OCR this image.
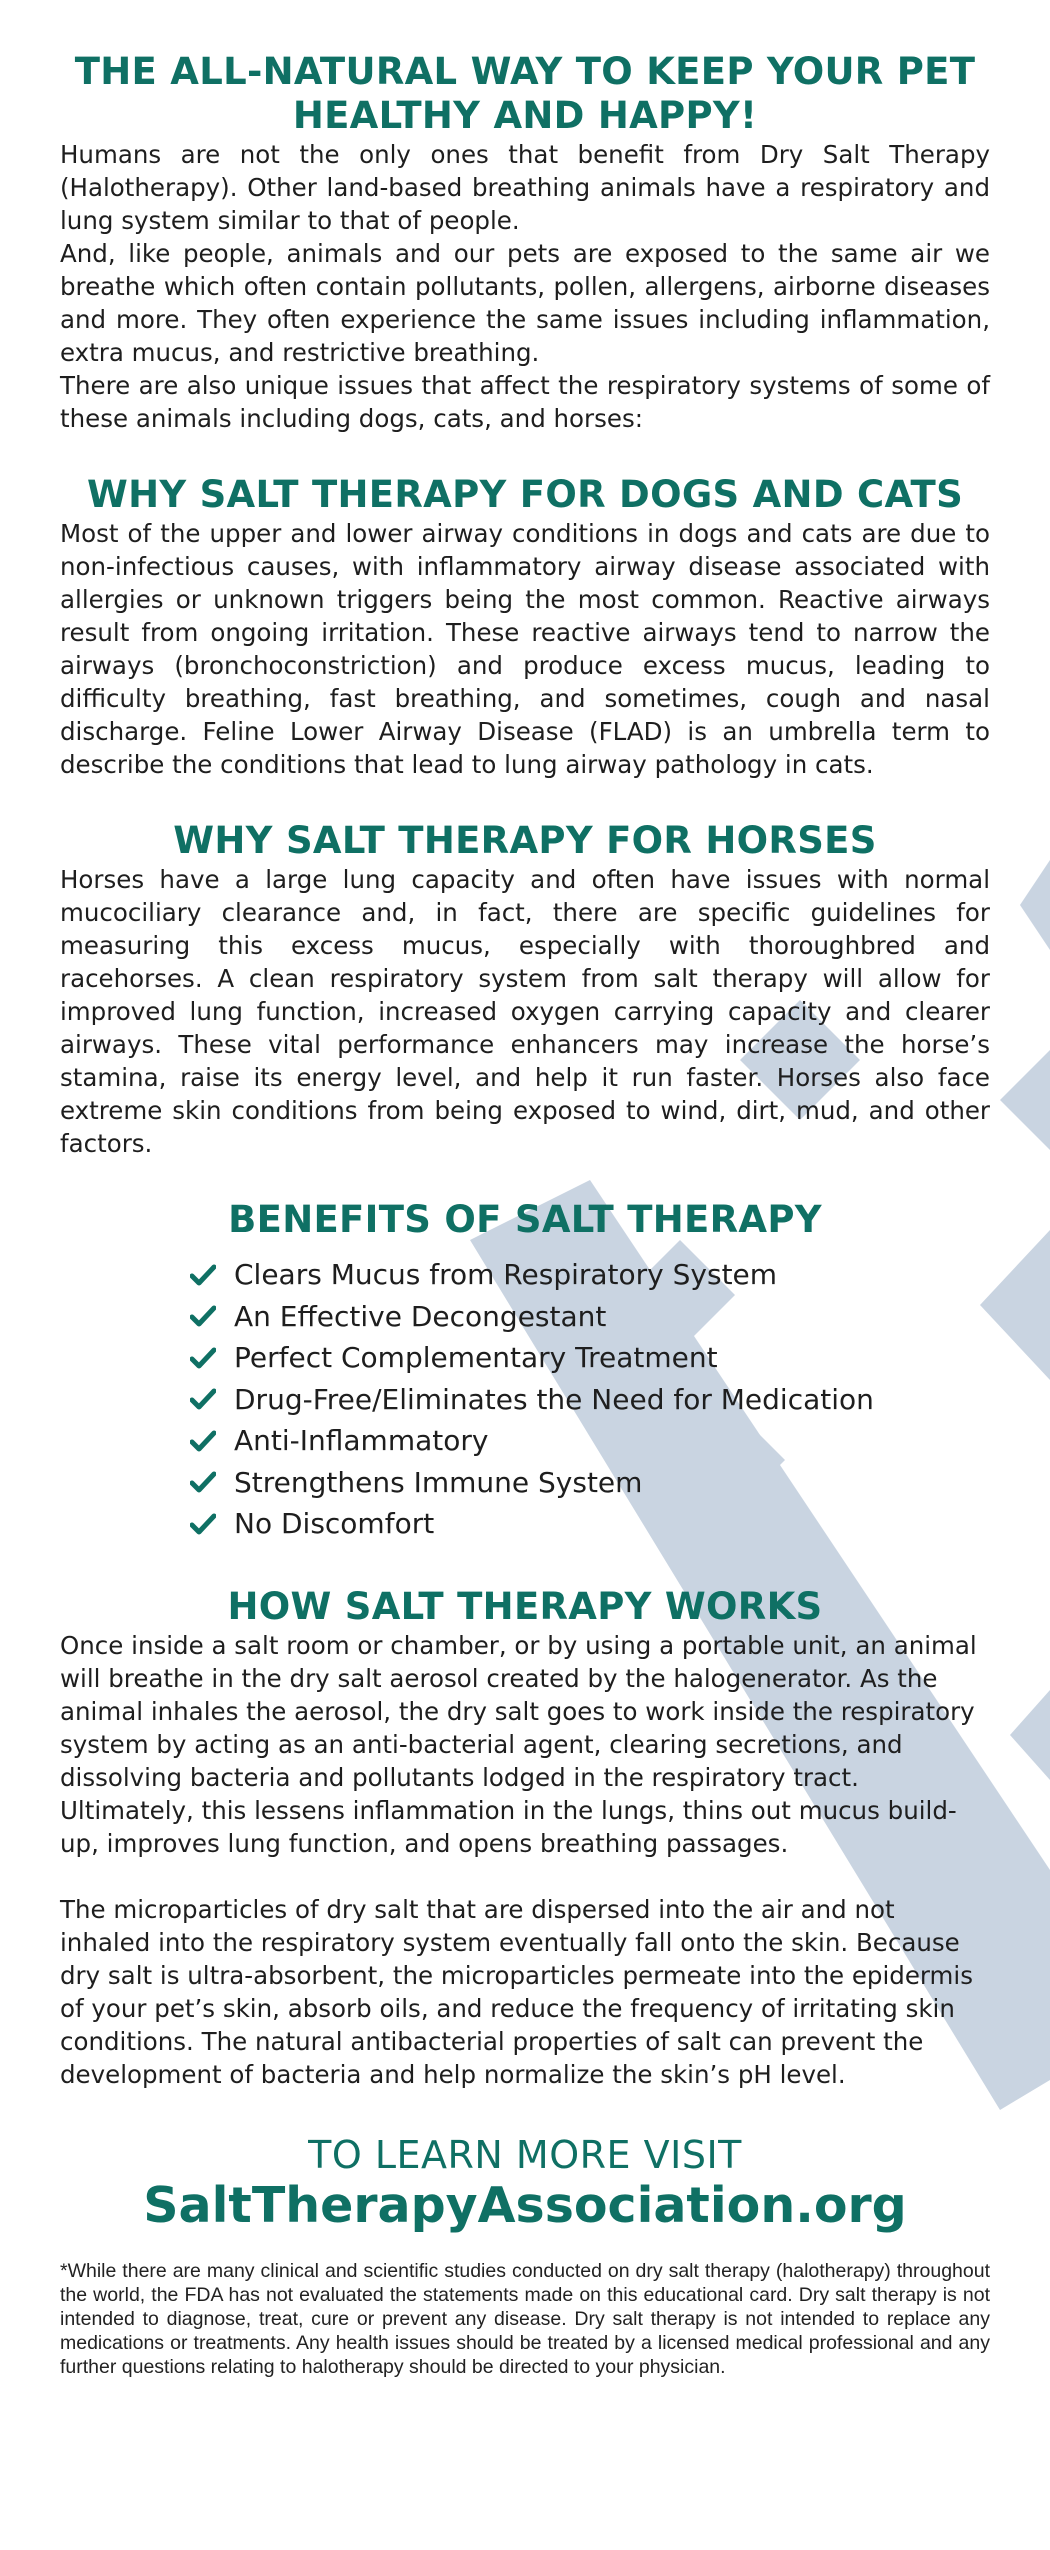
THE ALL-NATURAL WAY TO KEEP YOUR PET HEALTHY AND HAPPY!

Humans are not the only ones that benefit from Dry Salt Therapy (Halotherapy). Other land-based breathing animals have a respiratory and lung system similar to that of people.

And, like people, animals and our pets are exposed to the same air we breathe which often contain pollutants, pollen, allergens, airborne diseases and more. They often experience the same issues including inflammation, extra mucus, and restrictive breathing.

There are also unique issues that affect the respiratory systems of some of these animals including dogs, cats, and horses:

WHY SALT THERAPY FOR DOGS AND CATS

Most of the upper and lower airway conditions in dogs and cats are due to non-infectious causes, with inflammatory airway disease associated with allergies or unknown triggers being the most common. Reactive airways result from ongoing irritation. These reactive airways tend to narrow the airways (bronchoconstriction) and produce excess mucus, leading to difficulty breathing, fast breathing, and sometimes, cough and nasal discharge. Feline Lower Airway Disease (FLAD) is an umbrella term to describe the conditions that lead to lung airway pathology in cats.

WHY SALT THERAPY FOR HORSES

Horses have a large lung capacity and often have issues with normal mucociliary clearance and, in fact, there are specific guidelines for measuring this excess mucus, especially with thoroughbred and racehorses. A clean respiratory system from salt therapy will allow for improved lung function, increased oxygen carrying capacity and clearer airways. These vital performance enhancers may increase the horse’s stamina, raise its energy level, and help it run faster. Horses also face extreme skin conditions from being exposed to wind, dirt, mud, and other factors.

BENEFITS OF SALT THERAPY
Clears Mucus from Respiratory System
An Effective Decongestant
Perfect Complementary Treatment
Drug-Free/Eliminates the Need for Medication
Anti-Inflammatory
Strengthens Immune System
No Discomfort
HOW SALT THERAPY WORKS

Once inside a salt room or chamber, or by using a portable unit, an animal will breathe in the dry salt aerosol created by the halogenerator. As the animal inhales the aerosol, the dry salt goes to work inside the respiratory system by acting as an anti-bacterial agent, clearing secretions, and dissolving bacteria and pollutants lodged in the respiratory tract. Ultimately, this lessens inflammation in the lungs, thins out mucus build-up, improves lung function, and opens breathing passages.

The microparticles of dry salt that are dispersed into the air and not inhaled into the respiratory system eventually fall onto the skin. Because dry salt is ultra-absorbent, the microparticles permeate into the epidermis of your pet’s skin, absorb oils, and reduce the frequency of irritating skin conditions. The natural antibacterial properties of salt can prevent the development of bacteria and help normalize the skin’s pH level.

TO LEARN MORE VISIT
SaltTherapyAssociation.org

*While there are many clinical and scientific studies conducted on dry salt therapy (halotherapy) throughout the world, the FDA has not evaluated the statements made on this educational card. Dry salt therapy is not intended to diagnose, treat, cure or prevent any disease. Dry salt therapy is not intended to replace any medications or treatments. Any health issues should be treated by a licensed medical professional and any further questions relating to halotherapy should be directed to your physician.
